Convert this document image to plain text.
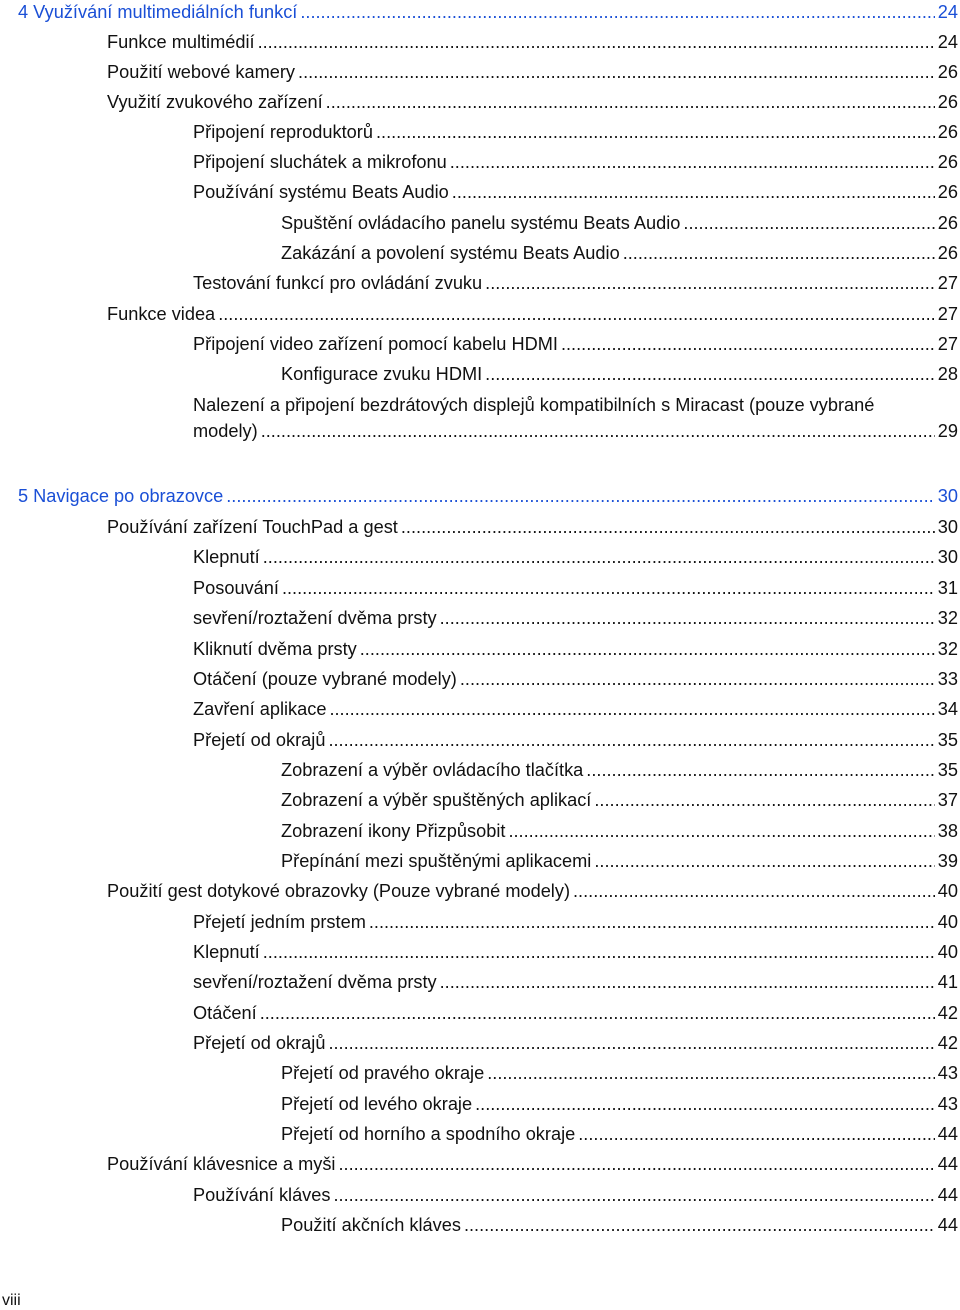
4 Využívání multimediálních funkcí .....	24
Funkce multimédií .....	24
Použití webové kamery .....	26
Využití zvukového zařízení .....	26
Připojení reproduktorů .....	26
Připojení sluchátek a mikrofonu .....	26
Používání systému Beats Audio .....	26
Spuštění ovládacího panelu systému Beats Audio .....	26
Zakázání a povolení systému Beats Audio .....	26
Testování funkcí pro ovládání zvuku .....	27
Funkce videa .....	27
Připojení video zařízení pomocí kabelu HDMI .....	27
Konfigurace zvuku HDMI .....	28
Nalezení a připojení bezdrátových displejů kompatibilních s Miracast (pouze vybrané
modely) .....	29
5 Navigace po obrazovce .....	30
Používání zařízení TouchPad a gest .....	30
Klepnutí .....	30
Posouvání .....	31
sevření/roztažení dvěma prsty .....	32
Kliknutí dvěma prsty .....	32
Otáčení (pouze vybrané modely) .....	33
Zavření aplikace .....	34
Přejetí od okrajů .....	35
Zobrazení a výběr ovládacího tlačítka .....	35
Zobrazení a výběr spuštěných aplikací .....	37
Zobrazení ikony Přizpůsobit .....	38
Přepínání mezi spuštěnými aplikacemi .....	39
Použití gest dotykové obrazovky (Pouze vybrané modely) .....	40
Přejetí jedním prstem .....	40
Klepnutí .....	40
sevření/roztažení dvěma prsty .....	41
Otáčení .....	42
Přejetí od okrajů .....	42
Přejetí od pravého okraje .....	43
Přejetí od levého okraje .....	43
Přejetí od horního a spodního okraje .....	44
Používání klávesnice a myši .....	44
Používání kláves .....	44
Použití akčních kláves .....	44
viii
